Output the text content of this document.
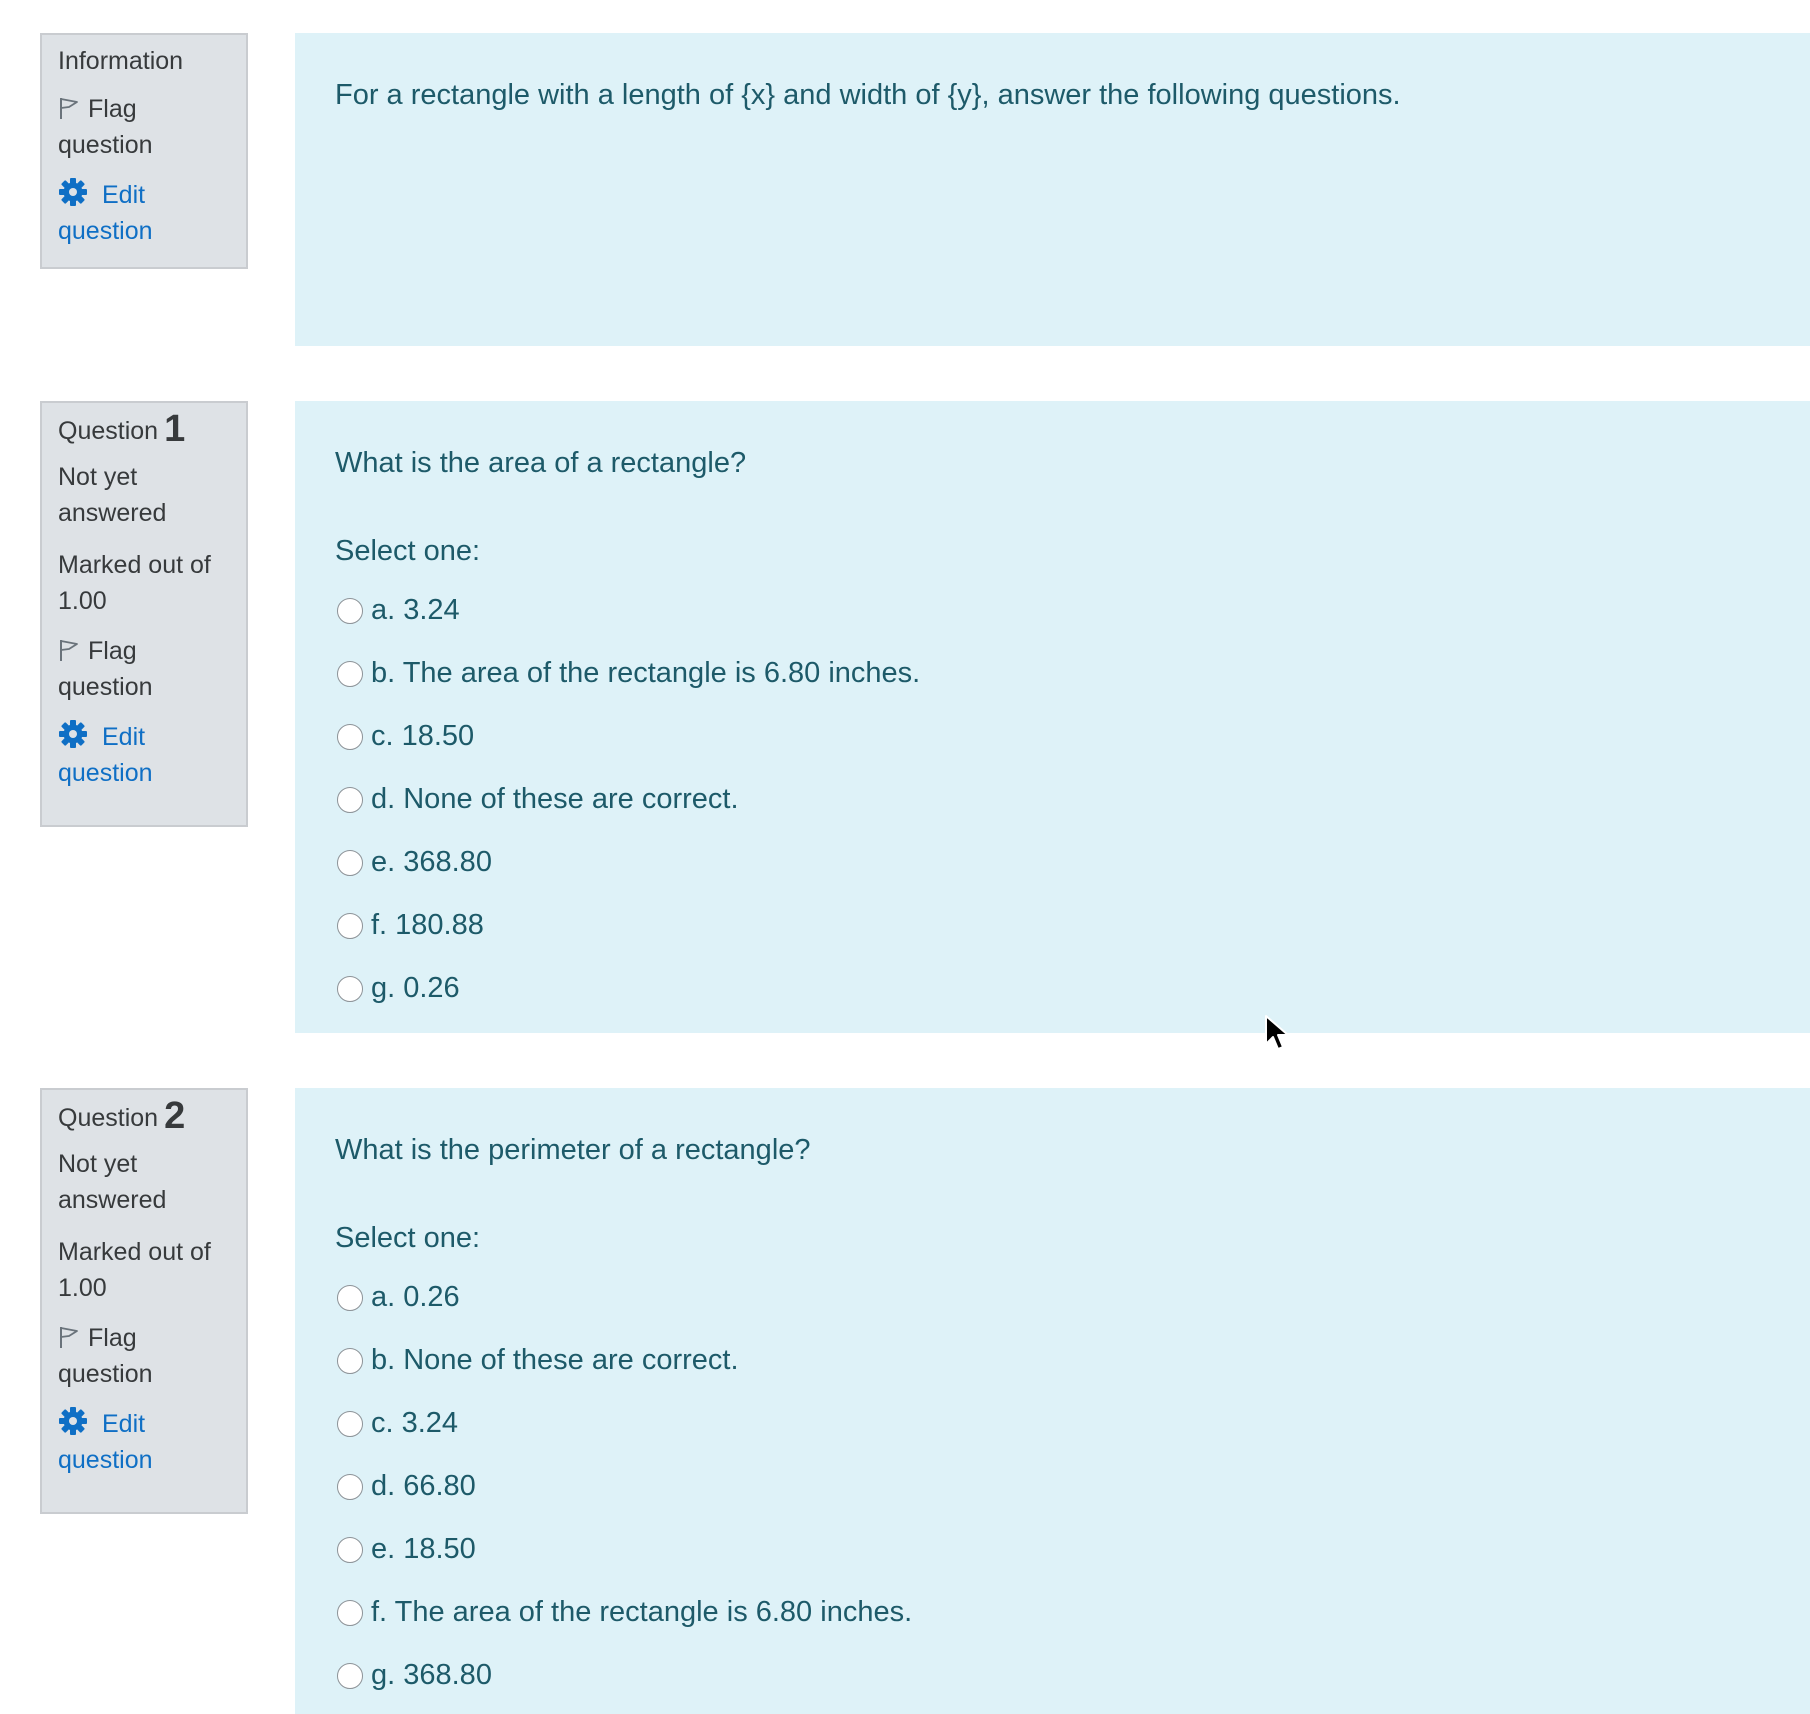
Information
Flag
question
Edit
question
For a rectangle with a length of {x} and width of {y}, answer the following questions.
Question 1
Not yet
answered
Marked out of
1.00
Flag
question
Edit
question
What is the area of a rectangle?
Select one:
a. 3.24
b. The area of the rectangle is 6.80 inches.
c. 18.50
d. None of these are correct.
e. 368.80
f. 180.88
g. 0.26
Question 2
Not yet
answered
Marked out of
1.00
Flag
question
Edit
question
What is the perimeter of a rectangle?
Select one:
a. 0.26
b. None of these are correct.
c. 3.24
d. 66.80
e. 18.50
f. The area of the rectangle is 6.80 inches.
g. 368.80
